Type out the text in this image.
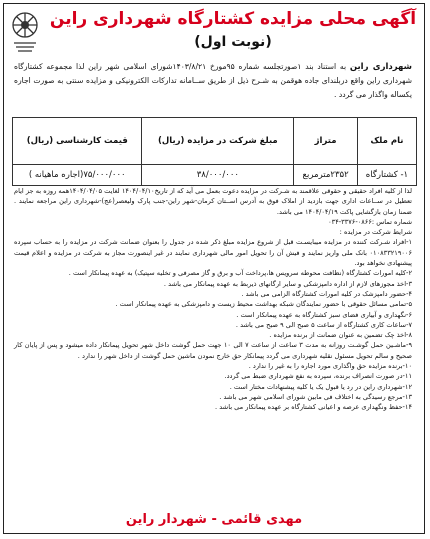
آگهی محلی مزایده کشتارگاه شهرداری راین
(نوبت اول)
شهرداری راین به استناد بند ۱صورتجلسه شماره ۹۵مورخ ۱۴۰۳/۸/۲۱شورای اسلامی شهر راین لذا مجموعه کشتارگاه شهرداری راین واقع دربلندای جاده هوقمن به شـرح ذیل از طریق ســامانه تدارکات الکترونیکی و مزایده سنتی به صورت اجاره یکساله واگذار می گردد .
نام ملک	متراژ	مبلغ شرکت در مزایده (ریال)	قیمت کارشناسی (ریال)
۱- کشتارگاه	۲۳۵۲مترمربع	۳۸/۰۰۰/۰۰۰	۷۵/۰۰۰/۰۰۰(اجاره ماهیانه )

لذا از کلیه افراد حقیقی و حقوقی علاقمند به شـرکت در مزایده دعوت بعمل می آید که از تاریخ۱۴۰۴/۰۴/۱۰ لغایت ۱۴۰۴/۰۴/۰۵همه روزه به جز ایام تعطیل در ســاعات اداری جهت بازدید از املاک فوق به آدرس اســتان کرمان-شهر راین-جنب پارک ولیعصر(عج)-شهرداری راین مراجعه نمایند . ضمنا زمان بازگشایی پاکت ۱۴۰۴/۰۴/۱۹ می باشد.

شماره تماس :۰۸۶۶-۳۳۷۶-۰۳۴

شرایط شرکت در مزایده :

۱-افراد شـرکت کننده در مزایده میبایسـت قبل از شروع مزایده مبلغ ذکر شده در جدول را بعنوان ضمانت شرکت در مزایده را به حساب سپرده ۰۱۰۸۳۳۲۱۹۰۰۶ بانک ملی واریز نمایند و فیش آن را تحویل امور مالی شهرداری نمایند در غیر اینصورت مجاز به شرکت در مزایده و اعلام قیمت پیشنهادی نخواهد بود.

۲-کلیه امورات کشتارگاه (نظافت محوطه سرویس ها،پرداخت آب و برق و گاز مصرفی و تخلیه سپتیک) به عهده پیمانکار است .

۳-اخذ مجوزهای لازم از اداره دامپزشکی و سایر ارگانهای ذیربط به عهده پیمانکار می باشد .

۴-حضور دامپزشک در کلیه امورات کشتارگاه الزامی می باشد .

۵-تمامی مسائل حقوقی با حضور نمایندگان شبکه بهداشت محیط زیست و دامپزشکی به عهده پیمانکار است .

۶-نگهداری و آبیاری فضای سبز کشتارگاه به عهده پیمانکار است .

۷-ساعات کاری کشتارگاه از ساعت ۵ صبح الی ۹ صبح می باشد .

۸-اخذ چک تضمین به عنوان ضمانت از برنده مزایده .

۹-ماشـین حمل گوشـت روزانه به مدت ۳ ساعت از ساعت ۷ الی ۱۰ جهت حمل گوشت داخل شهر تحویل پیمانکار داده میشود و پس از پایان کار صحیح و سالم تحویل مسئول نقلیه شهرداری می گردد پیمانکار حق خارج نمودن ماشین حمل گوشت از داخل شهر را ندارد .

۱۰-برنده مزایده حق واگذاری مورد اجاره را به غیر را ندارد .

۱۱-در صورت انصراف برنده، سپرده به نفع شهرداری ضبط می گردد.

۱۲-شهرداری راین در رد یا قبول یک یا کلیه پیشنهادات مختار است .

۱۳-مرجع رسیدگی به اختلاف فی مابین شورای اسلامی شهر می باشد .

۱۴-حفظ ونگهداری عرصه و اعیانی کشتارگاه بر عهده پیمانکار می باشد .

مهدی قائمی - شهردار راین
